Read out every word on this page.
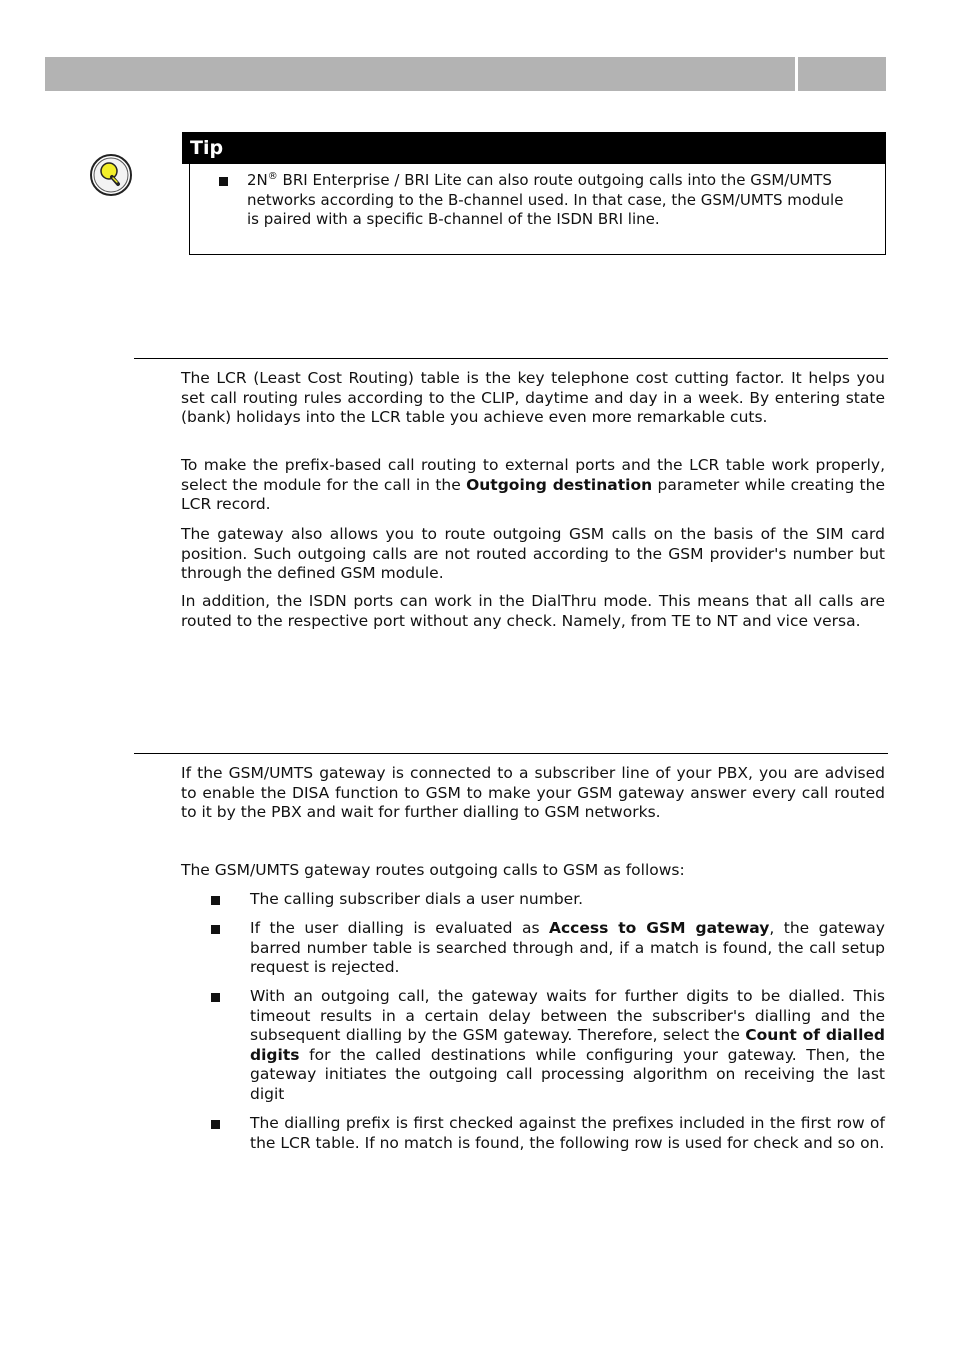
Tip
2N® BRI Enterprise / BRI Lite can also route outgoing calls into the GSM/UMTS networks according to the B-channel used. In that case, the GSM/UMTS module is paired with a specific B-channel of the ISDN BRI line.
The LCR (Least Cost Routing) table is the key telephone cost cutting factor. It helps you set call routing rules according to the CLIP, daytime and day in a week. By entering state (bank) holidays into the LCR table you achieve even more remarkable cuts.
To make the prefix-based call routing to external ports and the LCR table work properly, select the module for the call in the Outgoing destination parameter while creating the LCR record.
The gateway also allows you to route outgoing GSM calls on the basis of the SIM card position. Such outgoing calls are not routed according to the GSM provider's number but through the defined GSM module.
In addition, the ISDN ports can work in the DialThru mode. This means that all calls are routed to the respective port without any check. Namely, from TE to NT and vice versa.
If the GSM/UMTS gateway is connected to a subscriber line of your PBX, you are advised to enable the DISA function to GSM to make your GSM gateway answer every call routed to it by the PBX and wait for further dialling to GSM networks.
The GSM/UMTS gateway routes outgoing calls to GSM as follows:
The calling subscriber dials a user number.
If the user dialling is evaluated as Access to GSM gateway, the gateway barred number table is searched through and, if a match is found, the call setup request is rejected.
With an outgoing call, the gateway waits for further digits to be dialled. This timeout results in a certain delay between the subscriber's dialling and the subsequent dialling by the GSM gateway. Therefore, select the Count of dialled digits for the called destinations while configuring your gateway. Then, the gateway initiates the outgoing call processing algorithm on receiving the last digit
The dialling prefix is first checked against the prefixes included in the first row of the LCR table. If no match is found, the following row is used for check and so on.
